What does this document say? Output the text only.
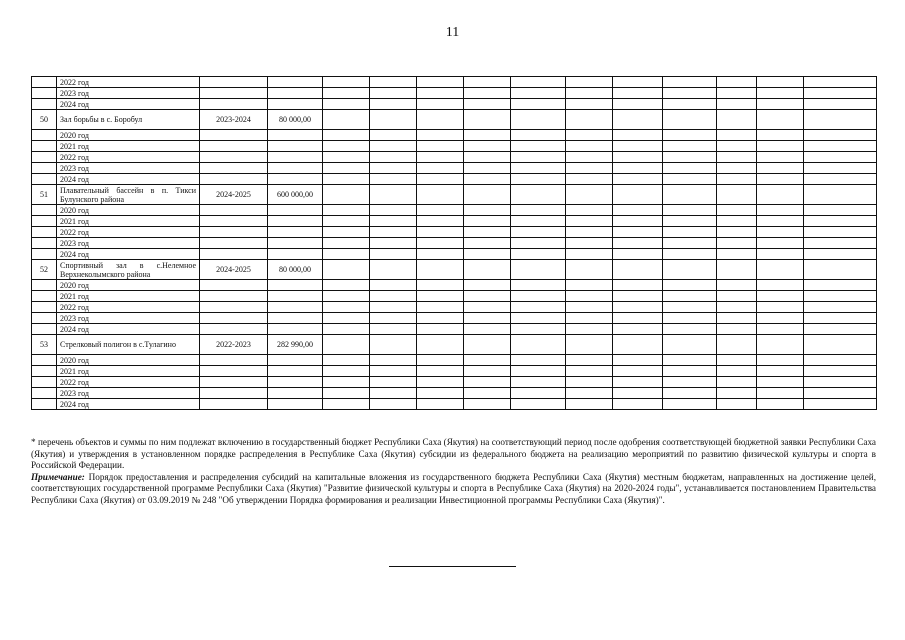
11
	2022 год													
	2023 год													
	2024 год													
50	Зал борьбы в с. Боробул	2023-2024	80 000,00											
	2020 год													
	2021 год													
	2022 год													
	2023 год													
	2024 год													
51	Плавательный бассейн в п. Тикси Булунского района	2024-2025	600 000,00											
	2020 год													
	2021 год													
	2022 год													
	2023 год													
	2024 год													
52	Спортивный зал в с.Нелемное Верхнеколымского района	2024-2025	80 000,00											
	2020 год													
	2021 год													
	2022 год													
	2023 год													
	2024 год													
53	Стрелковый полигон в с.Тулагино	2022-2023	282 990,00											
	2020 год													
	2021 год													
	2022 год													
	2023 год													
	2024 год													

* перечень объектов и суммы по ним подлежат включению в государственный бюджет Республики Саха (Якутия) на соответствующий период после одобрения соответствующей бюджетной заявки Республики Саха (Якутия) и утверждения в установленном порядке распределения в Республике Саха (Якутия) субсидии из федерального бюджета на реализацию мероприятий по развитию физической культуры и спорта в Российской Федерации.

Примечание: Порядок предоставления и распределения субсидий на капитальные вложения из государственного бюджета Республики Саха (Якутия) местным бюджетам, направленных на достижение целей, соответствующих государственной программе Республики Саха (Якутия) "Развитие физической культуры и спорта в Республике Саха (Якутия) на 2020-2024 годы", устанавливается постановлением Правительства Республики Саха (Якутия) от 03.09.2019 № 248 "Об утверждении Порядка формирования и реализации Инвестиционной программы Республики Саха (Якутия)".
